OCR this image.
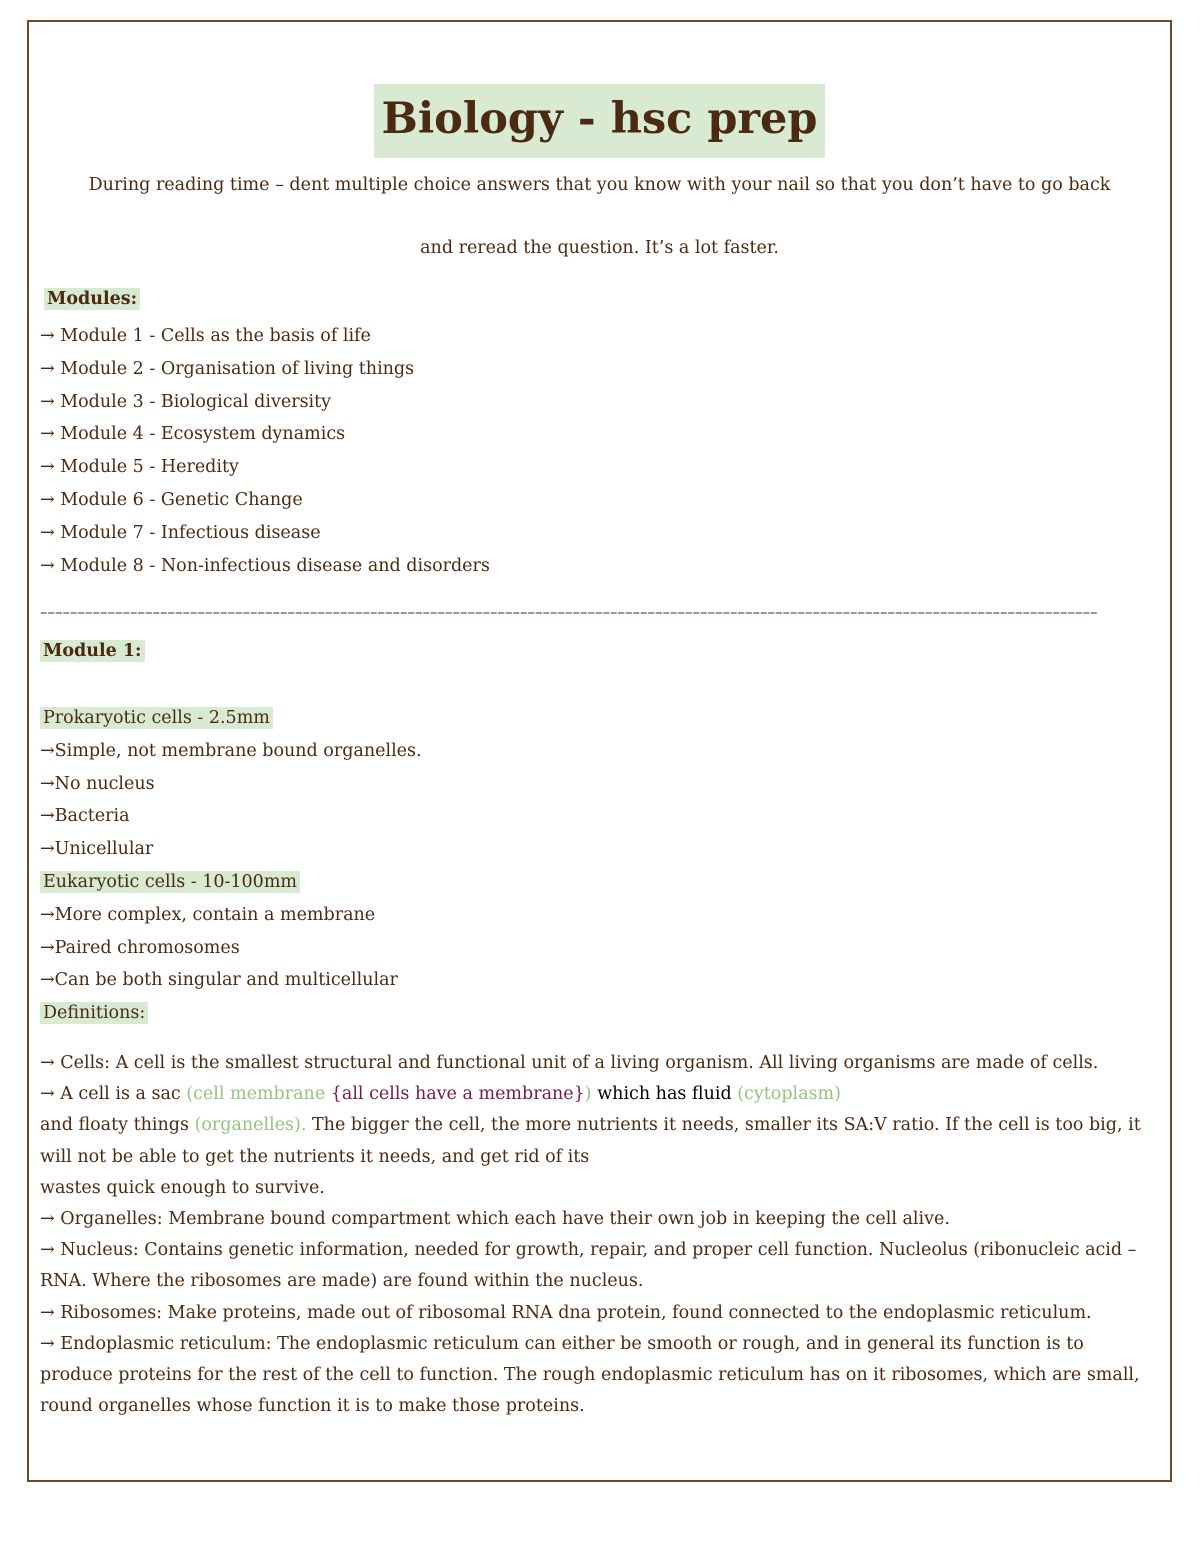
Biology - hsc prep
During reading time – dent multiple choice answers that you know with your nail so that you don’t have to go back
and reread the question. It’s a lot faster.
Modules:
→ Module 1 - Cells as the basis of life
→ Module 2 - Organisation of living things
→ Module 3 - Biological diversity
→ Module 4 - Ecosystem dynamics
→ Module 5 - Heredity
→ Module 6 - Genetic Change
→ Module 7 - Infectious disease
→ Module 8 - Non-infectious disease and disorders
–––––––––––––––––––––––––––––––––––––––––––––––––––––––––––––––––––––––––––––––––––––––––––––––––––––––––––––––––––––––––––––––––––––––––––––
Module 1:
Prokaryotic cells - 2.5mm
→Simple, not membrane bound organelles.
→No nucleus
→Bacteria
→Unicellular
Eukaryotic cells - 10-100mm
→More complex, contain a membrane
→Paired chromosomes
→Can be both singular and multicellular
Definitions:

→ Cells: A cell is the smallest structural and functional unit of a living organism. All living organisms are made of cells.

→ A cell is a sac (cell membrane {all cells have a membrane}) which has fluid (cytoplasm)

and floaty things (organelles). The bigger the cell, the more nutrients it needs, smaller its SA:V ratio. If the cell is too big, it will not be able to get the nutrients it needs, and get rid of its

wastes quick enough to survive.

→ Organelles: Membrane bound compartment which each have their own job in keeping the cell alive.

→ Nucleus: Contains genetic information, needed for growth, repair, and proper cell function. Nucleolus (ribonucleic acid – RNA. Where the ribosomes are made) are found within the nucleus.

→ Ribosomes: Make proteins, made out of ribosomal RNA dna protein, found connected to the endoplasmic reticulum.

→ Endoplasmic reticulum: The endoplasmic reticulum can either be smooth or rough, and in general its function is to produce proteins for the rest of the cell to function. The rough endoplasmic reticulum has on it ribosomes, which are small, round organelles whose function it is to make those proteins.
